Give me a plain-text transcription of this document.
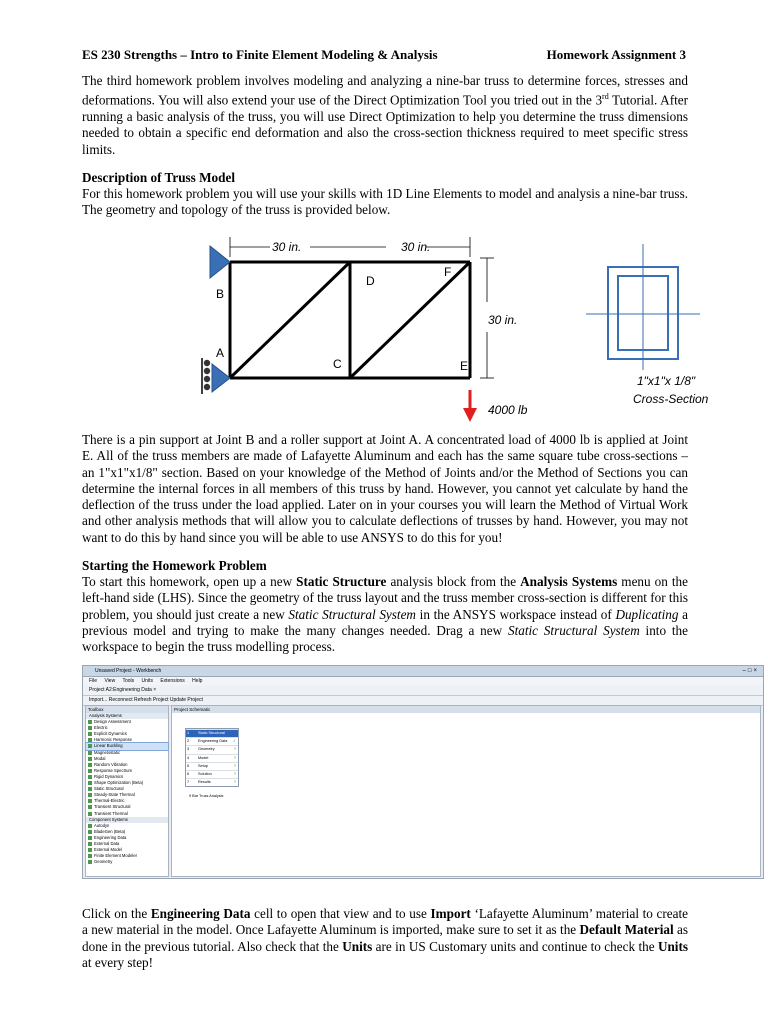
ES 230 Strengths – Intro to Finite Element Modeling & Analysis	Homework Assignment 3

The third homework problem involves modeling and analyzing a nine-bar truss to determine forces, stresses and deformations. You will also extend your use of the Direct Optimization Tool you tried out in the 3rd Tutorial. After running a basic analysis of the truss, you will use Direct Optimization to help you determine the truss dimensions needed to obtain a specific end deformation and also the cross-section thickness required to meet specific stress limits.

Description of Truss Model

For this homework problem you will use your skills with 1D Line Elements to model and analysis a nine-bar truss. The geometry and topology of the truss is provided below.

30 in.	30 in.
30 in.
B
A
C
D
E
F
4000 lb
1"x1"x 1/8"
Cross-Section

There is a pin support at Joint B and a roller support at Joint A. A concentrated load of 4000 lb is applied at Joint E. All of the truss members are made of Lafayette Aluminum and each has the same square tube cross-sections – an 1"x1"x1/8" section. Based on your knowledge of the Method of Joints and/or the Method of Sections you can determine the internal forces in all members of this truss by hand. However, you cannot yet calculate by hand the deflection of the truss under the load applied. Later on in your courses you will learn the Method of Virtual Work and other analysis methods that will allow you to calculate deflections of trusses by hand. However, you may not want to do this by hand since you will be able to use ANSYS to do this for you!

Starting the Homework Problem

To start this homework, open up a new Static Structure analysis block from the Analysis Systems menu on the left-hand side (LHS). Since the geometry of the truss layout and the truss member cross-section is different for this problem, you should just create a new Static Structural System in the ANSYS workspace instead of Duplicating a previous model and trying to make the many changes needed. Drag a new Static Structural System into the workspace to begin the truss modelling process.

Unsaved Project - Workbench	–□×
File View Tools Units Extensions Help
Project A2:Engineering Data ×
Import... Reconnect Refresh Project Update Project
Toolbox
Analysis Systems
Design Assessment
Electric
Explicit Dynamics
Harmonic Response
Linear Buckling
Magnetostatic
Modal
Random Vibration
Response Spectrum
Rigid Dynamics
Shape Optimization (Beta)
Static Structural
Steady-State Thermal
Thermal-Electric
Transient Structural
Transient Thermal
Component Systems
Autodyn
BladeGen (Beta)
Engineering Data
External Data
External Model
Finite Element Modeler
Geometry
Project Schematic
1 Static Structural
2 Engineering Data ✓
3 Geometry	?
4 Model	?
5 Setup	?
6 Solution	?
7 Results	?
9 Bar Truss Analysis

Click on the Engineering Data cell to open that view and to use Import ‘Lafayette Aluminum’ material to create a new material in the model. Once Lafayette Aluminum is imported, make sure to set it as the Default Material as done in the previous tutorial. Also check that the Units are in US Customary units and continue to check the Units at every step!
